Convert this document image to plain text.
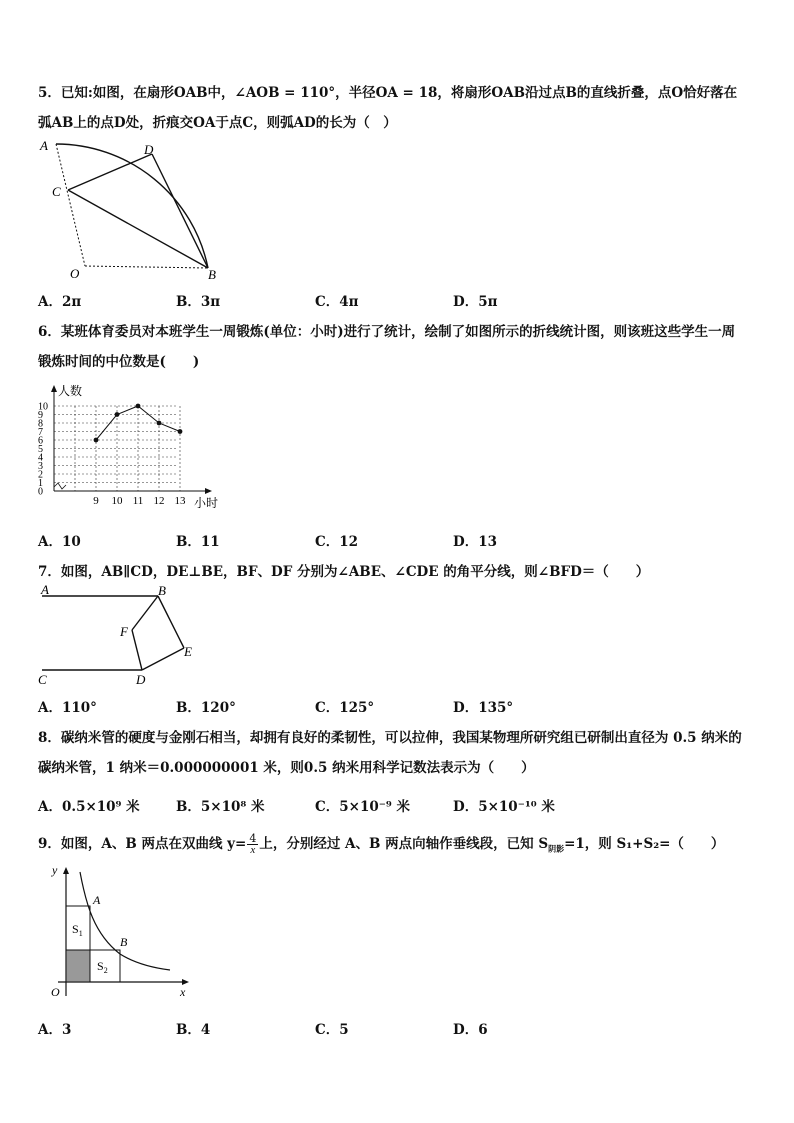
5．已知:如图，在扇形OAB中，∠AOB = 110°，半径OA = 18，将扇形OAB沿过点B的直线折叠，点O恰好落在
弧AB上的点D处，折痕交OA于点C，则弧AD的长为（　）
A	D
C
O	B
A．2π	B．3π	C．4π	D．5π
6．某班体育委员对本班学生一周锻炼(单位：小时)进行了统计，绘制了如图所示的折线统计图，则该班这些学生一周
锻炼时间的中位数是(　　)
0
1
2
3
4
5
6
7
8
9
10
9 10 11 12 13
人数
小时
A．10	B．11	C．12	D．13
7．如图，AB∥CD，DE⊥BE，BF、DF 分别为∠ABE、∠CDE 的角平分线，则∠BFD＝（　　）
A	B
F
E
C	D
A．110°	B．120°	C．125°	D．135°
8．碳纳米管的硬度与金刚石相当，却拥有良好的柔韧性，可以拉伸，我国某物理所研究组已研制出直径为 0.5 纳米的
碳纳米管，1 纳米＝0.000000001 米，则0.5 纳米用科学记数法表示为（　　）
A．0.5×10⁹ 米	B．5×10⁸ 米	C．5×10⁻⁹ 米	D．5×10⁻¹⁰ 米
9．如图，A、B 两点在双曲线 $y= \frac{4}{x}$ 上，分别经过 A、B 两点向轴作垂线段，已知 $S_{阴影}=1$，则 S₁+S₂=（　　）
y
A
$S_1$
B
$S_2$
O	x
A．3	B．4	C．5	D．6
